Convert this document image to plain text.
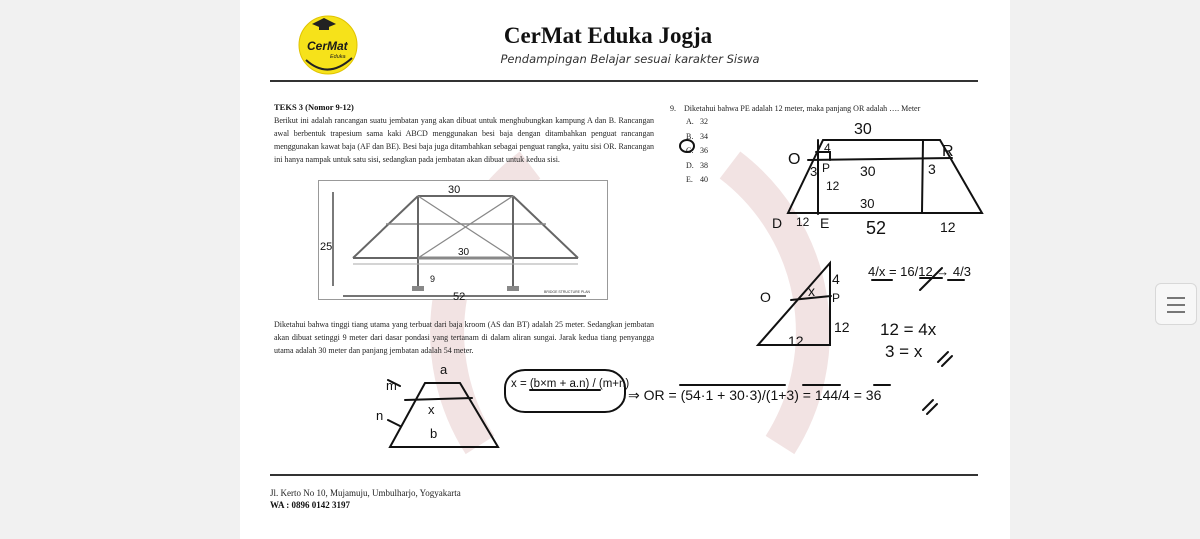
CerMat
Eduka
CerMat Eduka Jogja
Pendampingan Belajar sesuai karakter Siswa
TEKS 3 (Nomor 9-12)

Berikut ini adalah rancangan suatu jembatan yang akan dibuat untuk menghubungkan kampung A dan B. Rancangan awal berbentuk trapesium sama kaki ABCD menggunakan besi baja dengan ditambahkan penguat rancangan menggunakan kawat baja (AF dan BE). Besi baja juga ditambahkan sebagai penguat rangka, yaitu sisi OR. Rancangan ini hanya nampak untuk satu sisi, sedangkan pada jembatan akan dibuat untuk kedua sisi.

30
25	30
9
52	BRIDGE STRUCTURE PLAN

Diketahui bahwa tinggi tiang utama yang terbuat dari baja kroom (AS dan BT) adalah 25 meter. Sedangkan jembatan akan dibuat setinggi 9 meter dari dasar pondasi yang tertanam di dalam aliran sungai. Jarak kedua tiang penyangga utama adalah 30 meter dan panjang jembatan adalah 54 meter.

9. Diketahui bahwa PE adalah 12 meter, maka panjang OR adalah …. Meter
A. 32
B. 34
C. 36
D. 38
E. 40
30
O	R
4
P
3	3
30
12
30
D 12 E 52	12
4
x
O	P
12
12
4/x = 16/12 → 4/3
12 = 4x
3 = x
a
m
n	x
b
x = (b×m + a.n) / (m+n)
⇒ OR = (54·1 + 30·3)/(1+3) = 144/4 = 36
Jl. Kerto No 10, Mujamuju, Umbulharjo, Yogyakarta
WA : 0896 0142 3197
